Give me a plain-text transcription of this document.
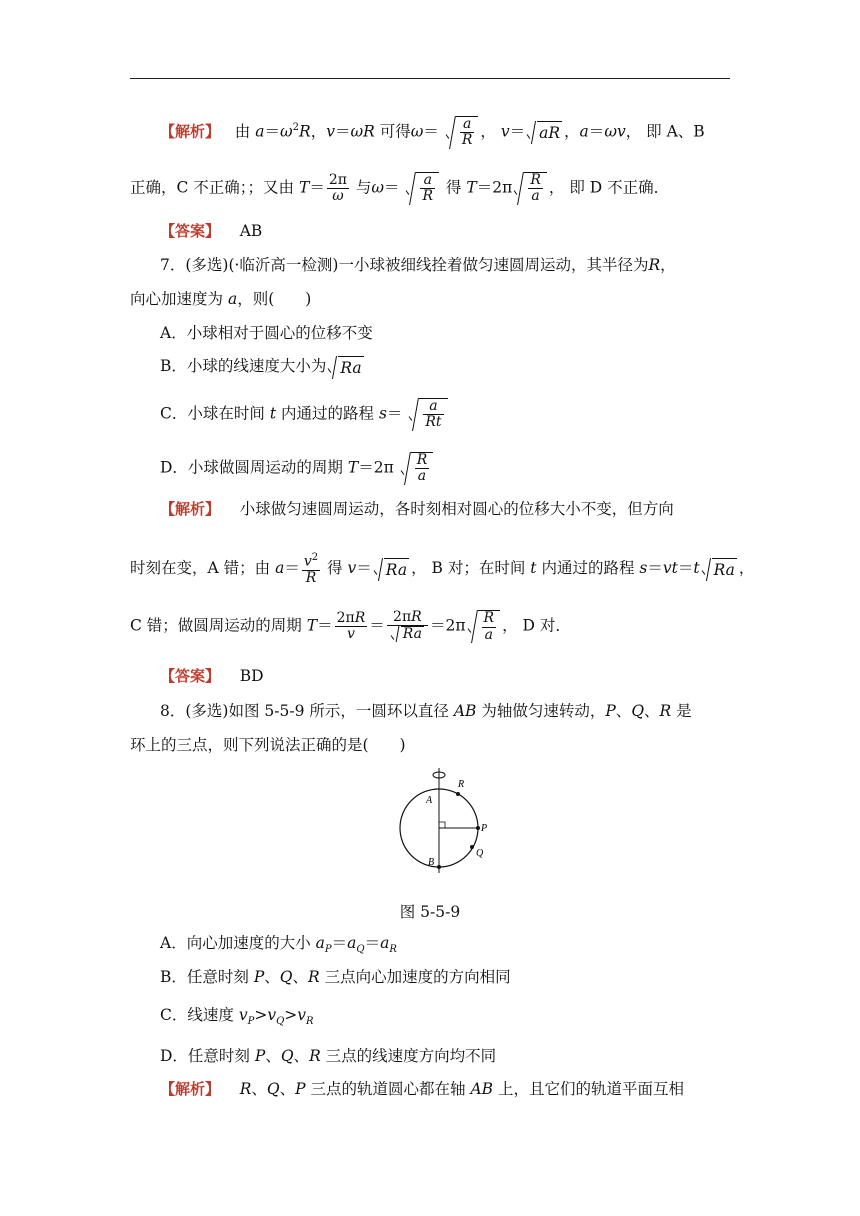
【解析】 由 $a=\omega^2R$，v＝ωR 可得$\omega= \frac{a}{R}$ ， v＝ aR ，a＝ωv， 即 A、B
正确，C 不正确；；又由 $T= \frac{2\pi}{\omega}$ 与$\omega= \frac{a}{R}$ 得 $T=2\pi \frac{R}{a}$ ， 即 D 不正确．
【答案】 AB
7．(多选)(·临沂高一检测)一小球被细线拴着做匀速圆周运动，其半径为R，
向心加速度为 a，则(　　)
A．小球相对于圆心的位移不变
B．小球的线速度大小为 Ra
C．小球在时间 t 内通过的路程 $s= \frac{a}{Rt}$
D．小球做圆周运动的周期 $T=2\pi \frac{R}{a}$
【解析】 小球做匀速圆周运动，各时刻相对圆心的位移大小不变，但方向
时刻在变，A 错；由 $a= \frac{v^2}{R}$ 得 v＝ Ra ， B 对；在时间 t 内通过的路程 s＝vt＝t Ra ，
C 错；做圆周运动的周期 $T= \frac{2\pi R}{v} = \frac{2\pi R}{Ra} =2\pi \frac{R}{a}$ ， D 对．
【答案】 BD
8．(多选)如图 5-5-9 所示，一圆环以直径 AB 为轴做匀速转动，P、Q、R 是
环上的三点，则下列说法正确的是(　　)
R
A
P
Q
B
图 5-5-9
A．向心加速度的大小 $a_P=a_Q=a_R$
B．任意时刻 P、Q、R 三点向心加速度的方向相同
C．线速度 $v_P>v_Q>v_R$
D．任意时刻 P、Q、R 三点的线速度方向均不同
【解析】 R、Q、P 三点的轨道圆心都在轴 AB 上，且它们的轨道平面互相
